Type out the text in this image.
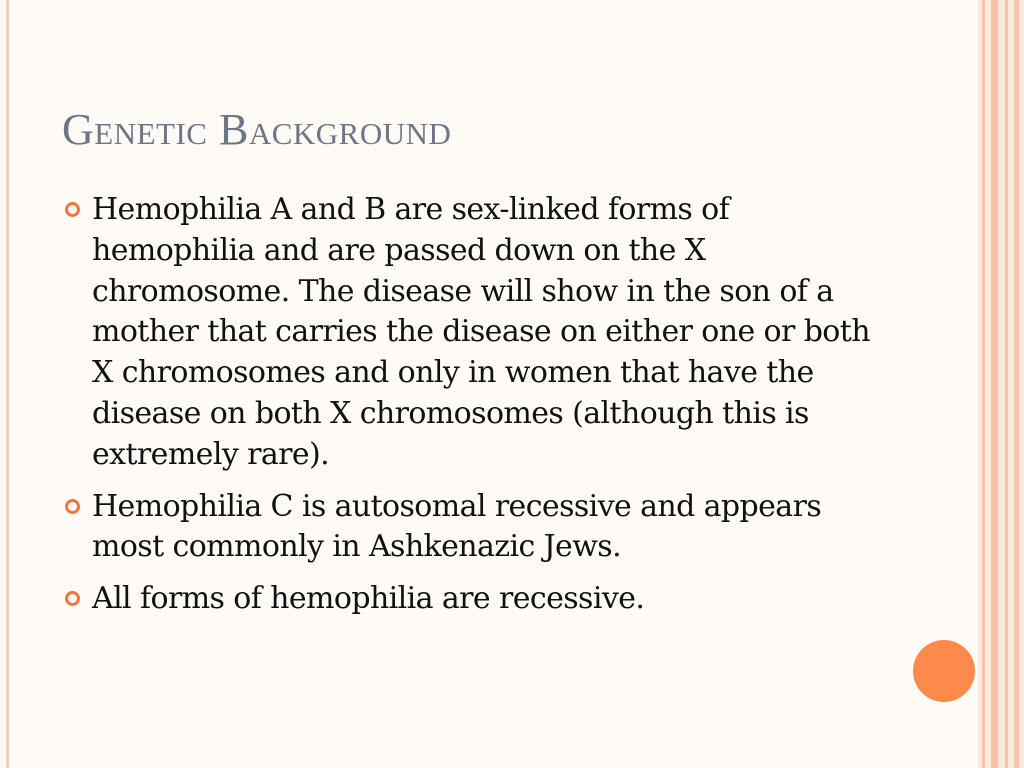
Genetic Background
Hemophilia A and B are sex-linked forms of hemophilia and are passed down on the X chromosome. The disease will show in the son of a mother that carries the disease on either one or both X chromosomes and only in women that have the disease on both X chromosomes (although this is extremely rare).
Hemophilia C is autosomal recessive and appears most commonly in Ashkenazic Jews.
All forms of hemophilia are recessive.
